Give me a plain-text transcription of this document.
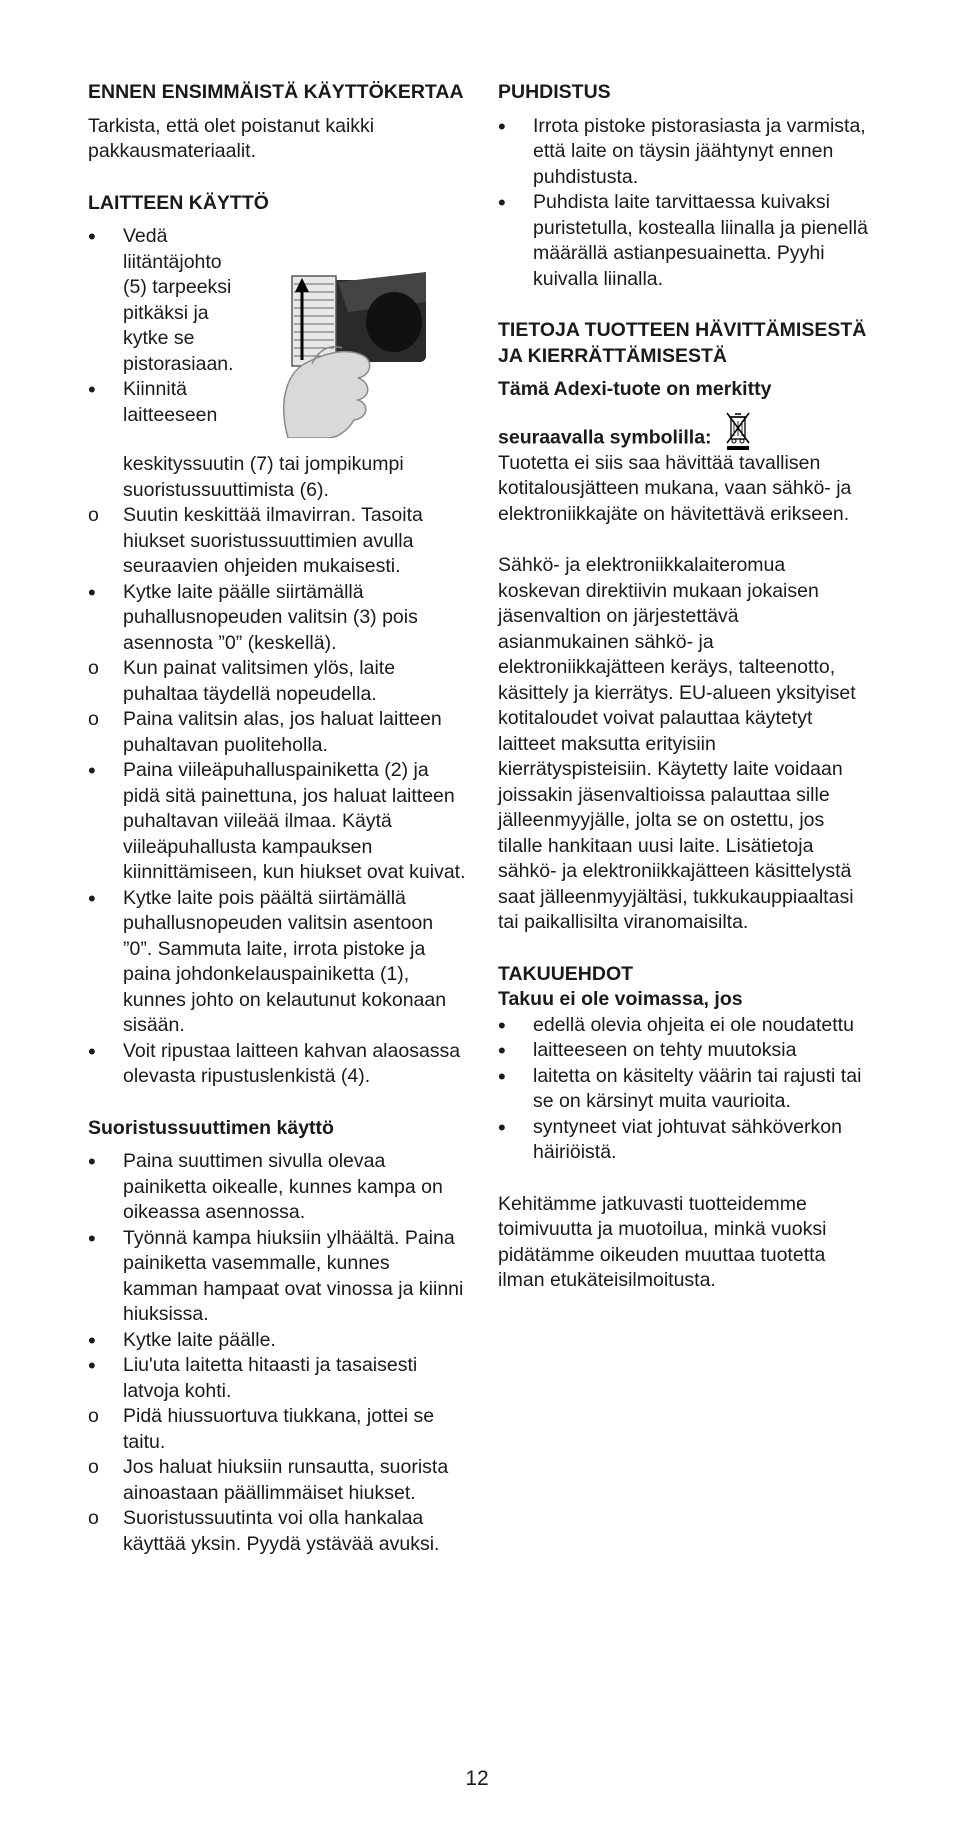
ENNEN ENSIMMÄISTÄ KÄYTTÖKERTAA

Tarkista, että olet poistanut kaikki pakkausmateriaalit.

LAITTEEN KÄYTTÖ
•	Vedä liitäntäjohto (5) tarpeeksi pitkäksi ja kytke se pistorasiaan.
•	Kiinnitä laitteeseen

keskityssuutin (7) tai jompikumpi suoristussuuttimista (6).

o	Suutin keskittää ilmavirran. Tasoita hiukset suoristussuuttimien avulla seuraavien ohjeiden mukaisesti.
•	Kytke laite päälle siirtämällä puhallusnopeuden valitsin (3) pois asennosta ”0” (keskellä).
o	Kun painat valitsimen ylös, laite puhaltaa täydellä nopeudella.
o	Paina valitsin alas, jos haluat laitteen puhaltavan puoliteholla.
•	Paina viileäpuhalluspainiketta (2) ja pidä sitä painettuna, jos haluat laitteen puhaltavan viileää ilmaa. Käytä viileäpuhallusta kampauksen kiinnittämiseen, kun hiukset ovat kuivat.
•	Kytke laite pois päältä siirtämällä puhallusnopeuden valitsin asentoon ”0”. Sammuta laite, irrota pistoke ja paina johdonkelauspainiketta (1), kunnes johto on kelautunut kokonaan sisään.
•	Voit ripustaa laitteen kahvan alaosassa olevasta ripustuslenkistä (4).
Suoristussuuttimen käyttö
•	Paina suuttimen sivulla olevaa painiketta oikealle, kunnes kampa on oikeassa asennossa.
•	Työnnä kampa hiuksiin ylhäältä. Paina painiketta vasemmalle, kunnes kamman hampaat ovat vinossa ja kiinni hiuksissa.
•	Kytke laite päälle.
•	Liu'uta laitetta hitaasti ja tasaisesti latvoja kohti.
o	Pidä hiussuortuva tiukkana, jottei se taitu.
o	Jos haluat hiuksiin runsautta, suorista ainoastaan päällimmäiset hiukset.
o	Suoristussuutinta voi olla hankalaa käyttää yksin. Pyydä ystävää avuksi.
PUHDISTUS
•	Irrota pistoke pistorasiasta ja varmista, että laite on täysin jäähtynyt ennen puhdistusta.
•	Puhdista laite tarvittaessa kuivaksi puristetulla, kostealla liinalla ja pienellä määrällä astianpesuainetta. Pyyhi kuivalla liinalla.
TIETOJA TUOTTEEN HÄVITTÄMISESTÄ JA KIERRÄTTÄMISESTÄ

Tämä Adexi-tuote on merkitty

seuraavalla symbolilla:

Tuotetta ei siis saa hävittää tavallisen kotitalousjätteen mukana, vaan sähkö- ja elektroniikkajäte on hävitettävä erikseen.

Sähkö- ja elektroniikkalaiteromua koskevan direktiivin mukaan jokaisen jäsenvaltion on järjestettävä asianmukainen sähkö- ja elektroniikkajätteen keräys, talteenotto, käsittely ja kierrätys. EU-alueen yksityiset kotitaloudet voivat palauttaa käytetyt laitteet maksutta erityisiin kierrätyspisteisiin. Käytetty laite voidaan joissakin jäsenvaltioissa palauttaa sille jälleenmyyjälle, jolta se on ostettu, jos tilalle hankitaan uusi laite. Lisätietoja sähkö- ja elektroniikkajätteen käsittelystä saat jälleenmyyjältäsi, tukkukauppiaaltasi tai paikallisilta viranomaisilta.

TAKUUEHDOT

Takuu ei ole voimassa, jos

•	edellä olevia ohjeita ei ole noudatettu
•	laitteeseen on tehty muutoksia
•	laitetta on käsitelty väärin tai rajusti tai se on kärsinyt muita vaurioita.
•	syntyneet viat johtuvat sähköverkon häiriöistä.

Kehitämme jatkuvasti tuotteidemme toimivuutta ja muotoilua, minkä vuoksi pidätämme oikeuden muuttaa tuotetta ilman etukäteisilmoitusta.

12
